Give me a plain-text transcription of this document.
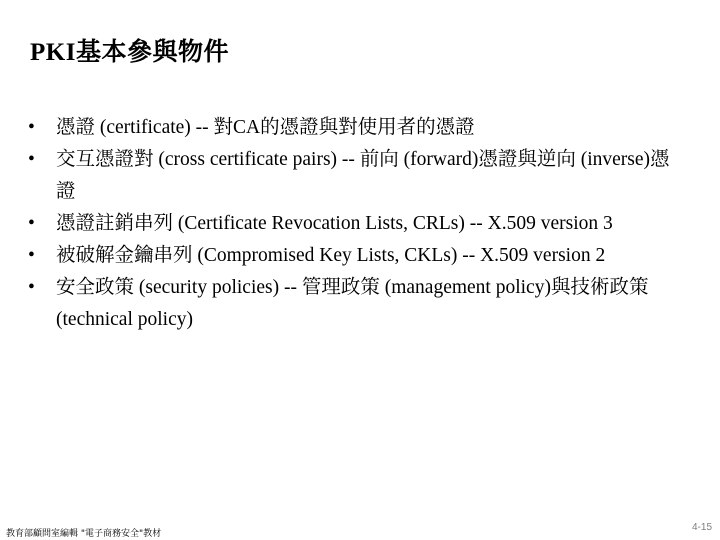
PKI基本參與物件
•	憑證 (certificate) -- 對CA的憑證與對使用者的憑證
•	交互憑證對 (cross certificate pairs) -- 前向 (forward)憑證與逆向 (inverse)憑證
•	憑證註銷串列 (Certificate Revocation Lists, CRLs) -- X.509 version 3
•	被破解金鑰串列 (Compromised Key Lists, CKLs) -- X.509 version 2
•	安全政策 (security policies) -- 管理政策 (management policy)與技術政策 (technical policy)
教育部顧問室編輯 "電子商務安全"教材
4-15
